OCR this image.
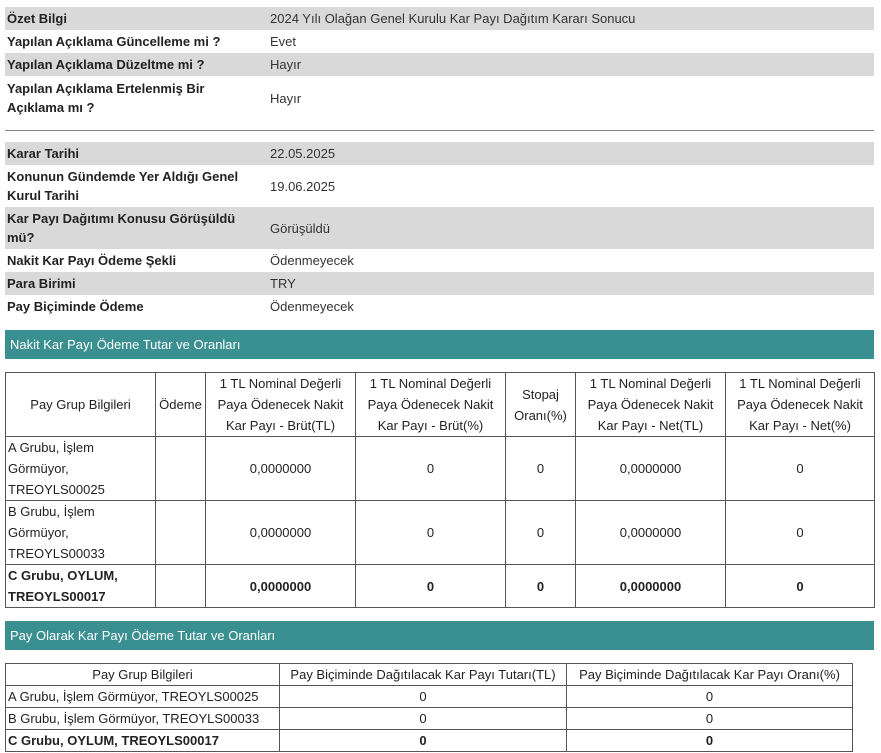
Özet Bilgi	2024 Yılı Olağan Genel Kurulu Kar Payı Dağıtım Kararı Sonucu
Yapılan Açıklama Güncelleme mi ?	Evet
Yapılan Açıklama Düzeltme mi ?	Hayır
Yapılan Açıklama Ertelenmiş Bir Açıklama mı ?	Hayır
Karar Tarihi	22.05.2025
Konunun Gündemde Yer Aldığı Genel Kurul Tarihi	19.06.2025
Kar Payı Dağıtımı Konusu Görüşüldü mü?	Görüşüldü
Nakit Kar Payı Ödeme Şekli	Ödenmeyecek
Para Birimi	TRY
Pay Biçiminde Ödeme	Ödenmeyecek
Nakit Kar Payı Ödeme Tutar ve Oranları
Pay Grup Bilgileri	Ödeme	1 TL Nominal Değerli Paya Ödenecek Nakit Kar Payı - Brüt(TL)	1 TL Nominal Değerli Paya Ödenecek Nakit Kar Payı - Brüt(%)	Stopaj Oranı(%)	1 TL Nominal Değerli Paya Ödenecek Nakit Kar Payı - Net(TL)	1 TL Nominal Değerli Paya Ödenecek Nakit Kar Payı - Net(%)
A Grubu, İşlem Görmüyor, TREOYLS00025		0,0000000	0	0	0,0000000	0
B Grubu, İşlem Görmüyor, TREOYLS00033		0,0000000	0	0	0,0000000	0
C Grubu, OYLUM, TREOYLS00017		0,0000000	0	0	0,0000000	0
Pay Olarak Kar Payı Ödeme Tutar ve Oranları
Pay Grup Bilgileri	Pay Biçiminde Dağıtılacak Kar Payı Tutarı(TL)	Pay Biçiminde Dağıtılacak Kar Payı Oranı(%)
A Grubu, İşlem Görmüyor, TREOYLS00025	0	0
B Grubu, İşlem Görmüyor, TREOYLS00033	0	0
C Grubu, OYLUM, TREOYLS00017	0	0
